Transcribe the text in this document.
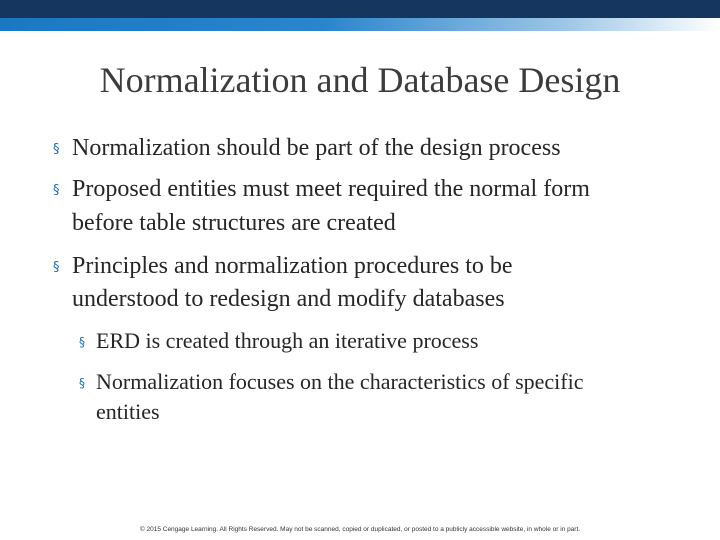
Normalization and Database Design
§ Normalization should be part of the design process
§ Proposed entities must meet required the normal form
before table structures are created
§ Principles and normalization procedures to be
understood to redesign and modify databases
§ ERD is created through an iterative process
§ Normalization focuses on the characteristics of specific
entities
© 2015 Cengage Learning. All Rights Reserved. May not be scanned, copied or duplicated, or posted to a publicly accessible website, in whole or in part.
